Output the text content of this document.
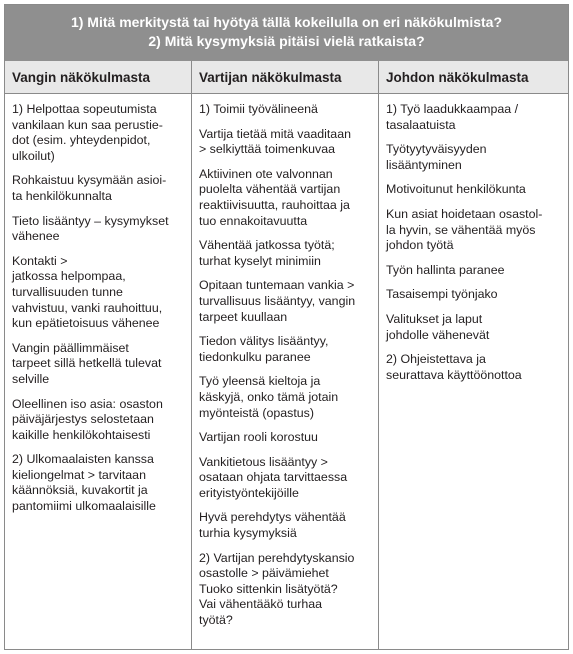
1) Mitä merkitystä tai hyötyä tällä kokeilulla on eri näkökulmista?
2) Mitä kysymyksiä pitäisi vielä ratkaista?
Vangin näkökulmasta	Vartijan näkökulmasta	Johdon näkökulmasta
1) Helpottaa sopeutumista
vankilaan kun saa perustie-
dot (esim. yhteydenpidot,
ulkoilut)
Rohkaistuu kysymään asioi-
ta henkilökunnalta
Tieto lisääntyy – kysymykset
vähenee
Kontakti >
jatkossa helpompaa,
turvallisuuden tunne
vahvistuu, vanki rauhoittuu,
kun epätietoisuus vähenee
Vangin päällimmäiset
tarpeet sillä hetkellä tulevat
selville
Oleellinen iso asia: osaston
päiväjärjestys selostetaan
kaikille henkilökohtaisesti
2) Ulkomaalaisten kanssa
kieliongelmat > tarvitaan
käännöksiä, kuvakortit ja
pantomiimi ulkomaalaisille
1) Toimii työvälineenä
Vartija tietää mitä vaaditaan
> selkiyttää toimenkuvaa
Aktiivinen ote valvonnan
puolelta vähentää vartijan
reaktiivisuutta, rauhoittaa ja
tuo ennakoitavuutta
Vähentää jatkossa työtä;
turhat kyselyt minimiin
Opitaan tuntemaan vankia >
turvallisuus lisääntyy, vangin
tarpeet kuullaan
Tiedon välitys lisääntyy,
tiedonkulku paranee
Työ yleensä kieltoja ja
käskyjä, onko tämä jotain
myönteistä (opastus)
Vartijan rooli korostuu
Vankitietous lisääntyy >
osataan ohjata tarvittaessa
erityistyöntekijöille
Hyvä perehdytys vähentää
turhia kysymyksiä
2) Vartijan perehdytyskansio
osastolle > päivämiehet
Tuoko sittenkin lisätyötä?
Vai vähentääkö turhaa
työtä?
1) Työ laadukkaampaa /
tasalaatuista
Työtyytyväisyyden
lisääntyminen
Motivoitunut henkilökunta
Kun asiat hoidetaan osastol-
la hyvin, se vähentää myös
johdon työtä
Työn hallinta paranee
Tasaisempi työnjako
Valitukset ja laput
johdolle vähenevät
2) Ohjeistettava ja
seurattava käyttöönottoa
